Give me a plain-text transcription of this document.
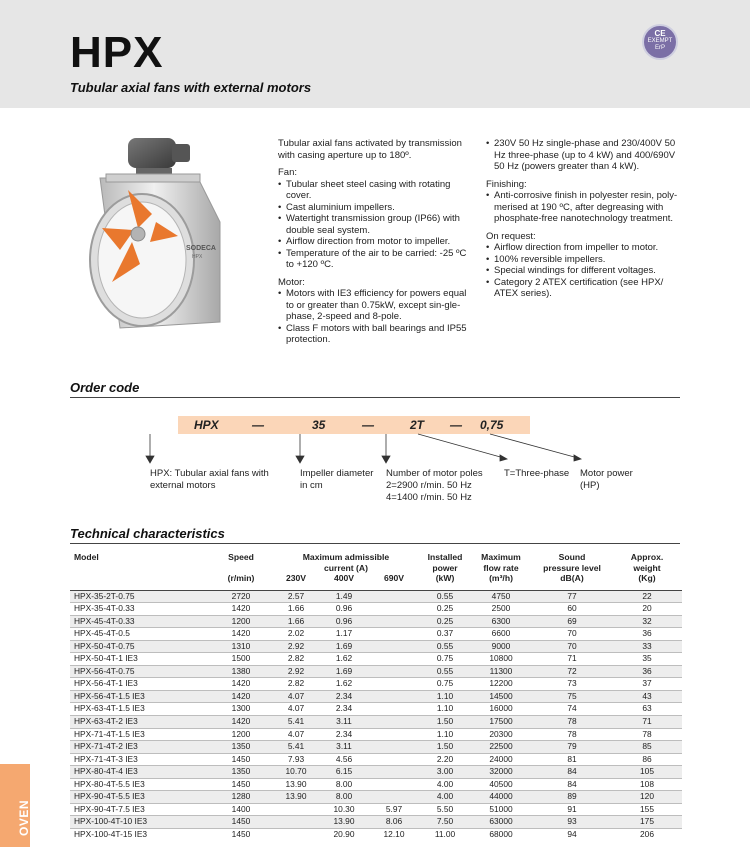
HPX
Tubular axial fans with external motors
CE
EXEMPT
ErP
SODECA
HPX

Tubular axial fans activated by transmission with casing aperture up to 180º.

Fan:
• Tubular sheet steel casing with rotating cover.
• Cast aluminium impellers.
• Watertight transmission group (IP66) with double seal system.
• Airflow direction from motor to impeller.
• Temperature of the air to be carried: -25 ºC to +120 ºC.
Motor:
• Motors with IE3 efficiency for powers equal to or greater than 0.75kW, except sin-gle-phase, 2-speed and 8-pole.
• Class F motors with ball bearings and IP55 protection.
• 230V 50 Hz single-phase and 230/400V 50 Hz three-phase (up to 4 kW) and 400/690V 50 Hz (powers greater than 4 kW).
Finishing:
• Anti-corrosive finish in polyester resin, poly-merised at 190 ºC, after degreasing with phosphate-free nanotechnology treatment.
On request:
• Airflow direction from impeller to motor.
• 100% reversible impellers.
• Special windings for different voltages.
• Category 2 ATEX certification (see HPX/ ATEX series).
Order code
HPX	—	35	—	2T — 0,75
HPX: Tubular axial fans with
external motors
Impeller diameter
in cm
Number of motor poles
2=2900 r/min. 50 Hz
4=1400 r/min. 50 Hz
T=Three-phase Motor power
(HP)
Technical characteristics
Model	Speed	Maximum admissible
current (A)			Installed
power	Maximum
flow rate	Sound
pressure level	Approx.
weight
	(r/min)	230V	400V	690V	(kW)	(m³/h)	dB(A)	(Kg)
HPX-35-2T-0.75	2720	2.57	1.49		0.55	4750	77	22
HPX-35-4T-0.33	1420	1.66	0.96		0.25	2500	60	20
HPX-45-4T-0.33	1200	1.66	0.96		0.25	6300	69	32
HPX-45-4T-0.5	1420	2.02	1.17		0.37	6600	70	36
HPX-50-4T-0.75	1310	2.92	1.69		0.55	9000	70	33
HPX-50-4T-1 IE3	1500	2.82	1.62		0.75	10800	71	35
HPX-56-4T-0.75	1380	2.92	1.69		0.55	11300	72	36
HPX-56-4T-1 IE3	1420	2.82	1.62		0.75	12200	73	37
HPX-56-4T-1.5 IE3	1420	4.07	2.34		1.10	14500	75	43
HPX-63-4T-1.5 IE3	1300	4.07	2.34		1.10	16000	74	63
HPX-63-4T-2 IE3	1420	5.41	3.11		1.50	17500	78	71
HPX-71-4T-1.5 IE3	1200	4.07	2.34		1.10	20300	78	78
HPX-71-4T-2 IE3	1350	5.41	3.11		1.50	22500	79	85
HPX-71-4T-3 IE3	1450	7.93	4.56		2.20	24000	81	86
HPX-80-4T-4 IE3	1350	10.70	6.15		3.00	32000	84	105
HPX-80-4T-5.5 IE3	1450	13.90	8.00		4.00	40500	84	108
HPX-90-4T-5.5 IE3	1280	13.90	8.00		4.00	44000	89	120
HPX-90-4T-7.5 IE3	1400		10.30	5.97	5.50	51000	91	155
HPX-100-4T-10 IE3	1450		13.90	8.06	7.50	63000	93	175
HPX-100-4T-15 IE3	1450		20.90	12.10	11.00	68000	94	206
OVEN
